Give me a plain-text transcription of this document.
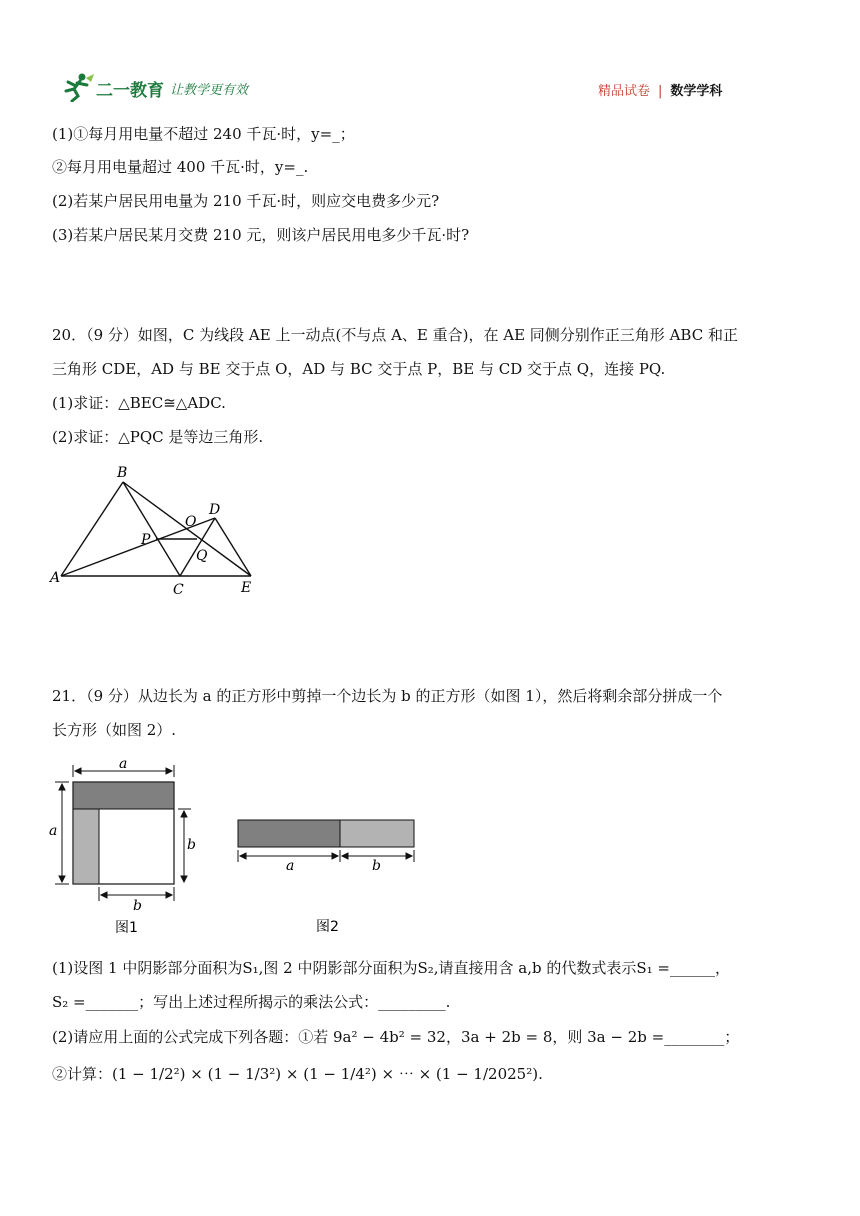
二一教育 让教学更有效	精品试卷 | 数学学科
(1)①每月用电量不超过 240 千瓦·时，y=_；
②每月用电量超过 400 千瓦·时，y=_.
(2)若某户居民用电量为 210 千瓦·时，则应交电费多少元?
(3)若某户居民某月交费 210 元，则该户居民用电多少千瓦·时?
20．（9 分）如图，C 为线段 AE 上一动点(不与点 A、E 重合)，在 AE 同侧分别作正三角形 ABC 和正
三角形 CDE，AD 与 BE 交于点 O，AD 与 BC 交于点 P，BE 与 CD 交于点 Q，连接 PQ.
(1)求证：△BEC≅△ADC.
(2)求证：△PQC 是等边三角形.
B
D
O
P
Q
A
C	E
21．（9 分）从边长为 a 的正方形中剪掉一个边长为 b 的正方形（如图 1），然后将剩余部分拼成一个
长方形（如图 2）.
a
a
b
b
图1
a	b
图2
(1)设图 1 中阴影部分面积为S₁,图 2 中阴影部分面积为S₂,请直接用含 a,b 的代数式表示S₁ =______，
S₂ =_______；写出上述过程所揭示的乘法公式：_________.
(2)请应用上面的公式完成下列各题：①若 9a² − 4b² = 32，3a + 2b = 8，则 3a − 2b =________；
②计算：(1 − 1/2²) × (1 − 1/3²) × (1 − 1/4²) × ⋯ × (1 − 1/2025²).
